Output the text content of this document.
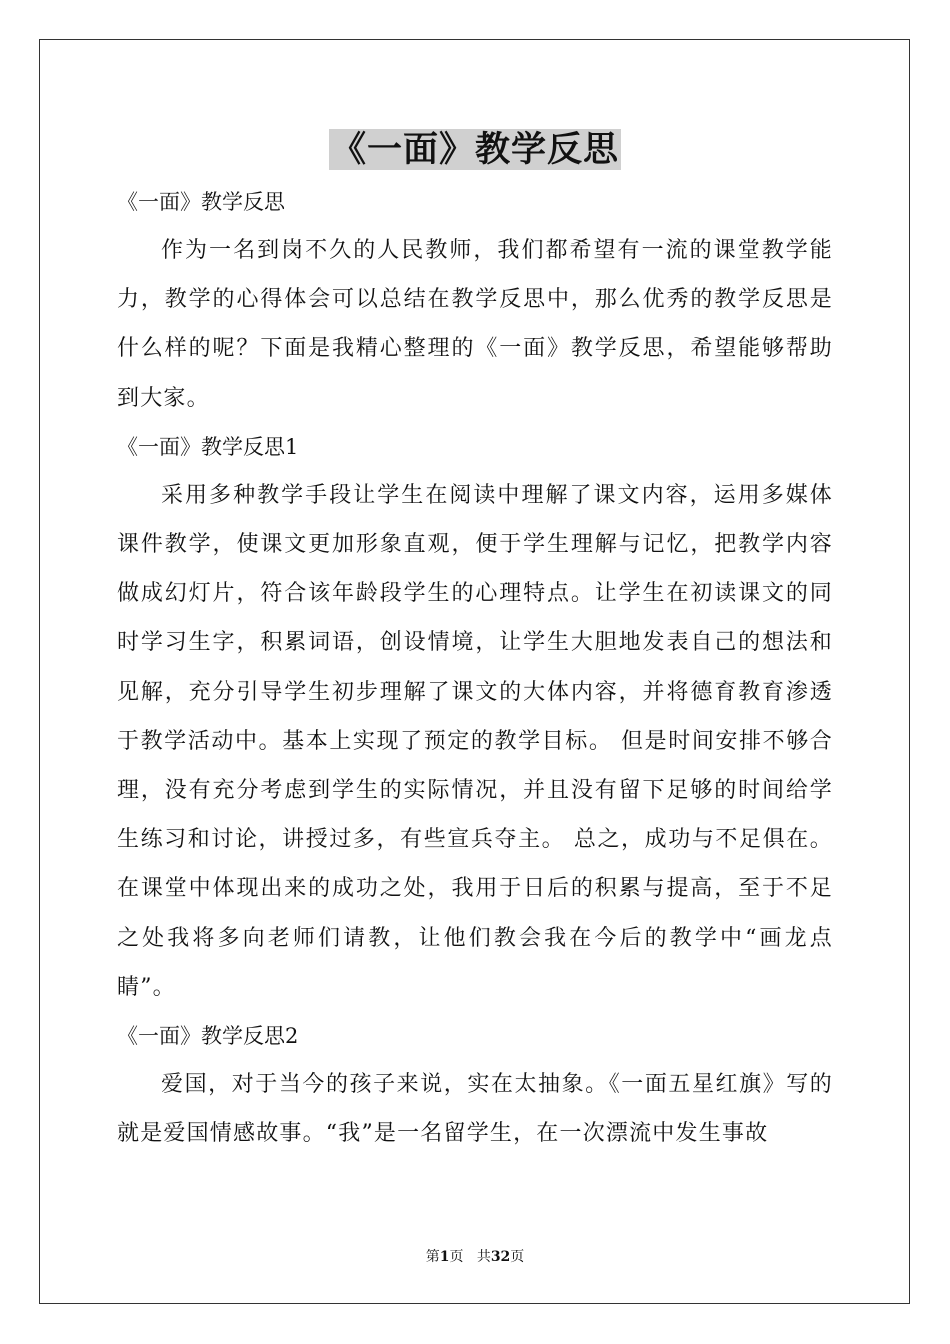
《一面》教学反思
《一面》教学反思

作为一名到岗不久的人民教师，我们都希望有一流的课堂教学能力，教学的心得体会可以总结在教学反思中，那么优秀的教学反思是什么样的呢？下面是我精心整理的《一面》教学反思，希望能够帮助到大家。

《一面》教学反思1

采用多种教学手段让学生在阅读中理解了课文内容，运用多媒体课件教学，使课文更加形象直观，便于学生理解与记忆，把教学内容做成幻灯片，符合该年龄段学生的心理特点。让学生在初读课文的同时学习生字，积累词语，创设情境，让学生大胆地发表自己的想法和见解，充分引导学生初步理解了课文的大体内容，并将德育教育渗透于教学活动中。基本上实现了预定的教学目标。 但是时间安排不够合理，没有充分考虑到学生的实际情况，并且没有留下足够的时间给学生练习和讨论，讲授过多，有些宣兵夺主。 总之，成功与不足俱在。在课堂中体现出来的成功之处，我用于日后的积累与提高，至于不足之处我将多向老师们请教，让他们教会我在今后的教学中“画龙点睛”。

《一面》教学反思2

爱国，对于当今的孩子来说，实在太抽象。《一面五星红旗》写的就是爱国情感故事。“我”是一名留学生，在一次漂流中发生事故

第1页 共32页
